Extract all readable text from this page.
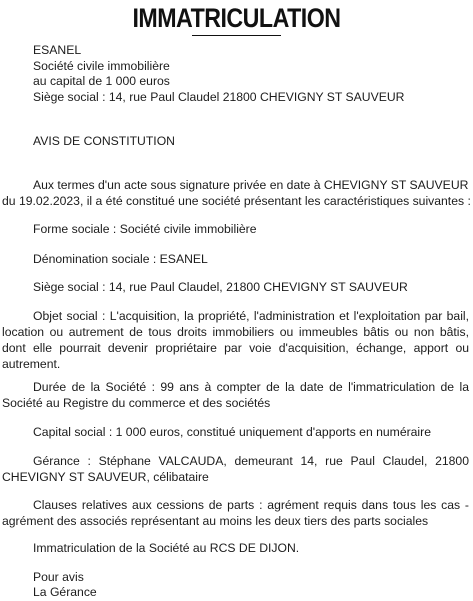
IMMATRICULATION
ESANEL
Société civile immobilière
au capital de 1 000 euros
Siège social : 14, rue Paul Claudel 21800 CHEVIGNY ST SAUVEUR
AVIS DE CONSTITUTION
Aux termes d'un acte sous signature privée en date à CHEVIGNY ST SAUVEUR
du 19.02.2023, il a été constitué une société présentant les caractéristiques suivantes :
Forme sociale : Société civile immobilière
Dénomination sociale : ESANEL
Siège social : 14, rue Paul Claudel, 21800 CHEVIGNY ST SAUVEUR
Objet social : L'acquisition, la propriété, l'administration et l'exploitation par bail, location ou autrement de tous droits immobiliers ou immeubles bâtis ou non bâtis, dont elle pourrait devenir propriétaire par voie d'acquisition, échange, apport ou autrement.
Durée de la Société : 99 ans à compter de la date de l'immatriculation de la Société au Registre du commerce et des sociétés
Capital social : 1 000 euros, constitué uniquement d'apports en numéraire
Gérance : Stéphane VALCAUDA, demeurant 14, rue Paul Claudel, 21800 CHEVIGNY ST SAUVEUR, célibataire
Clauses relatives aux cessions de parts : agrément requis dans tous les cas - agrément des associés représentant au moins les deux tiers des parts sociales
Immatriculation de la Société au RCS DE DIJON.
Pour avis
La Gérance
